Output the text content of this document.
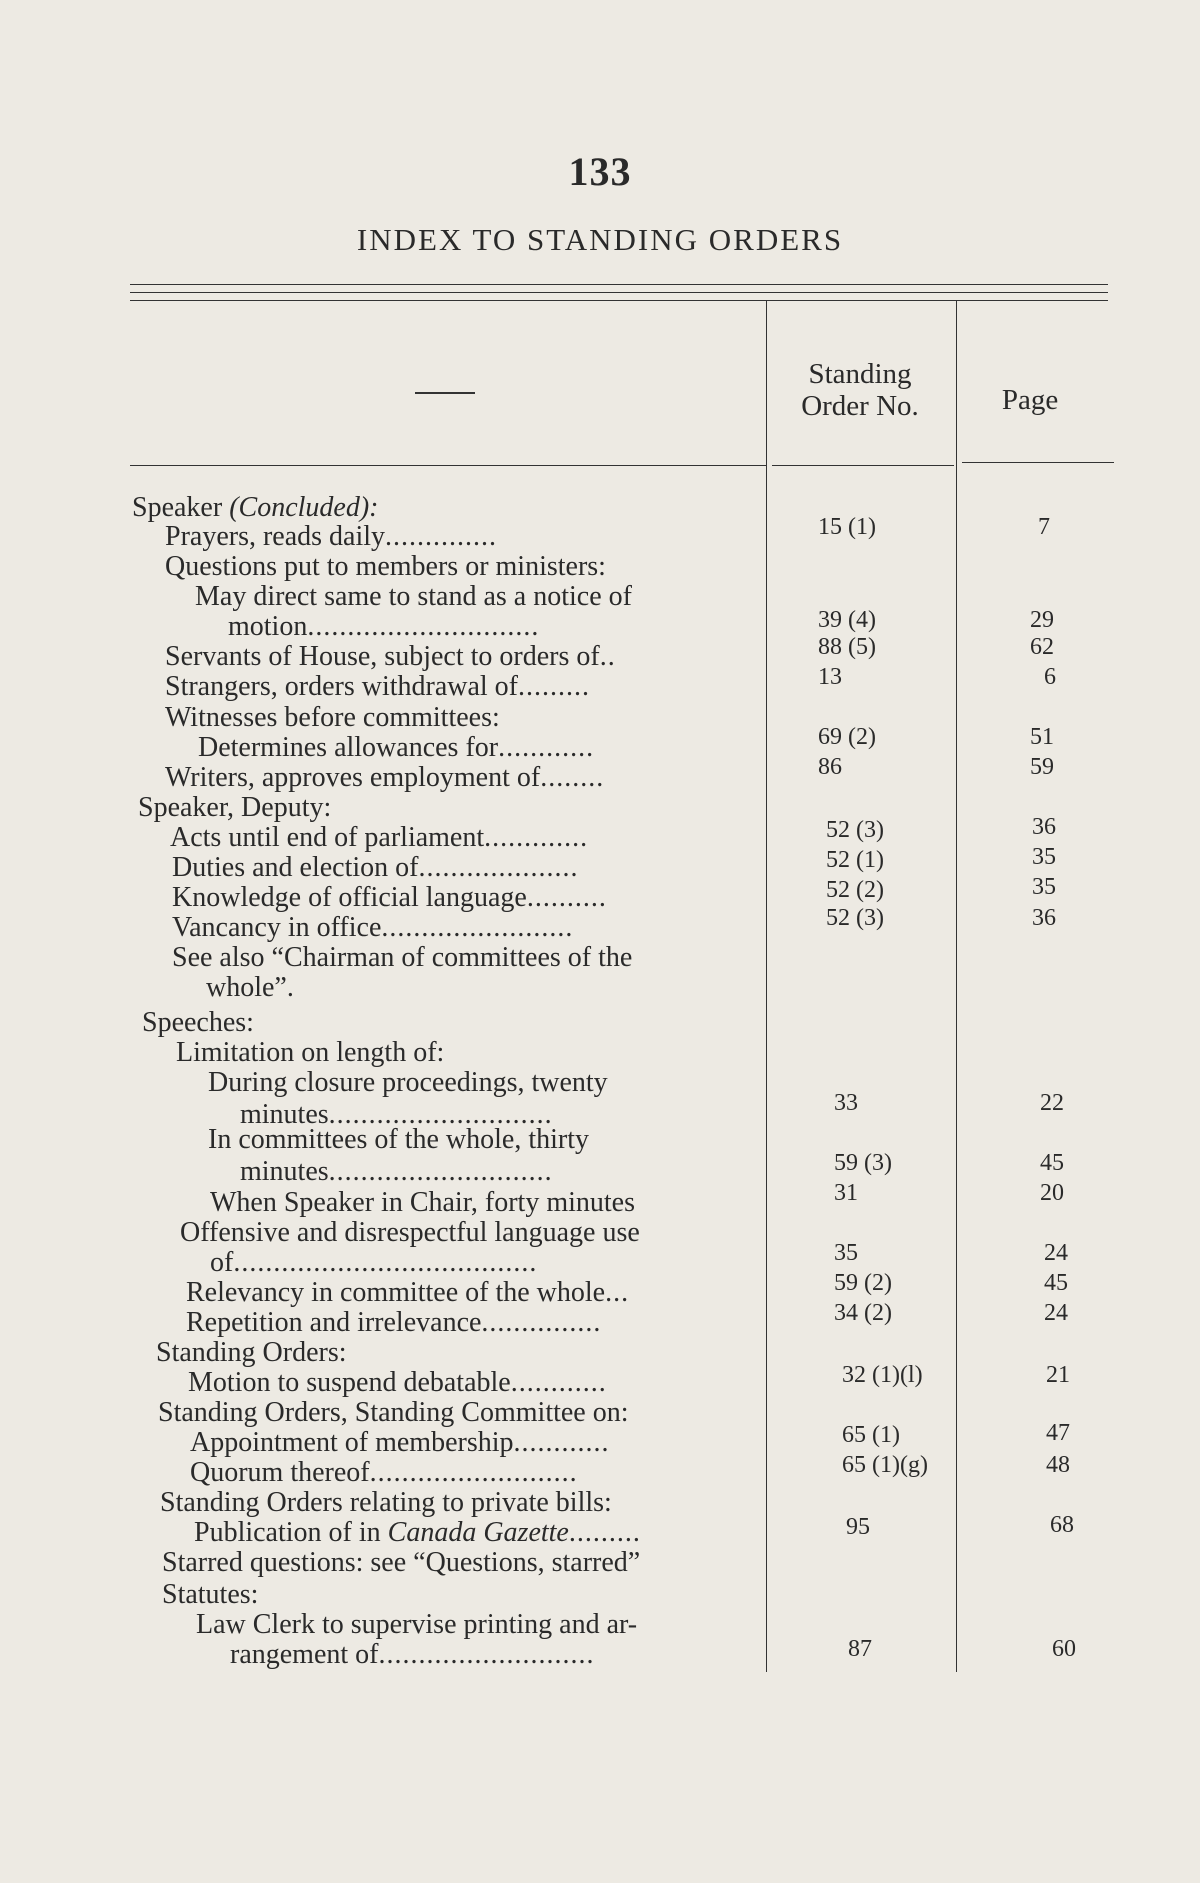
133
INDEX TO STANDING ORDERS
Standing
Order No.	Page
Speaker (Concluded):
Prayers, reads daily..............	15 (1)	7
Questions put to members or ministers:
May direct same to stand as a notice of
motion.............................	39 (4)	29
Servants of House, subject to orders of..	88 (5)	62
Strangers, orders withdrawal of.........	13	6
Witnesses before committees:
Determines allowances for............	69 (2)	51
Writers, approves employment of........	86	59
Speaker, Deputy:
Acts until end of parliament.............	52 (3)	36
Duties and election of....................	52 (1)	35
Knowledge of official language..........	52 (2)	35
Vancancy in office........................	52 (3)	36
See also “Chairman of committees of the
whole”.
Speeches:
Limitation on length of:
During closure proceedings, twenty
minutes............................	33	22
In committees of the whole, thirty
minutes............................	59 (3)	45
When Speaker in Chair, forty minutes	31	20
Offensive and disrespectful language use
of......................................	35	24
Relevancy in committee of the whole...	59 (2)	45
Repetition and irrelevance...............	34 (2)	24
Standing Orders:
Motion to suspend debatable............	32 (1)(l)	21
Standing Orders, Standing Committee on:
Appointment of membership............	65 (1)	47
Quorum thereof..........................	65 (1)(g)	48
Standing Orders relating to private bills:
Publication of in Canada Gazette.........	95	68
Starred questions: see “Questions, starred”
Statutes:
Law Clerk to supervise printing and ar-
rangement of...........................	87	60
